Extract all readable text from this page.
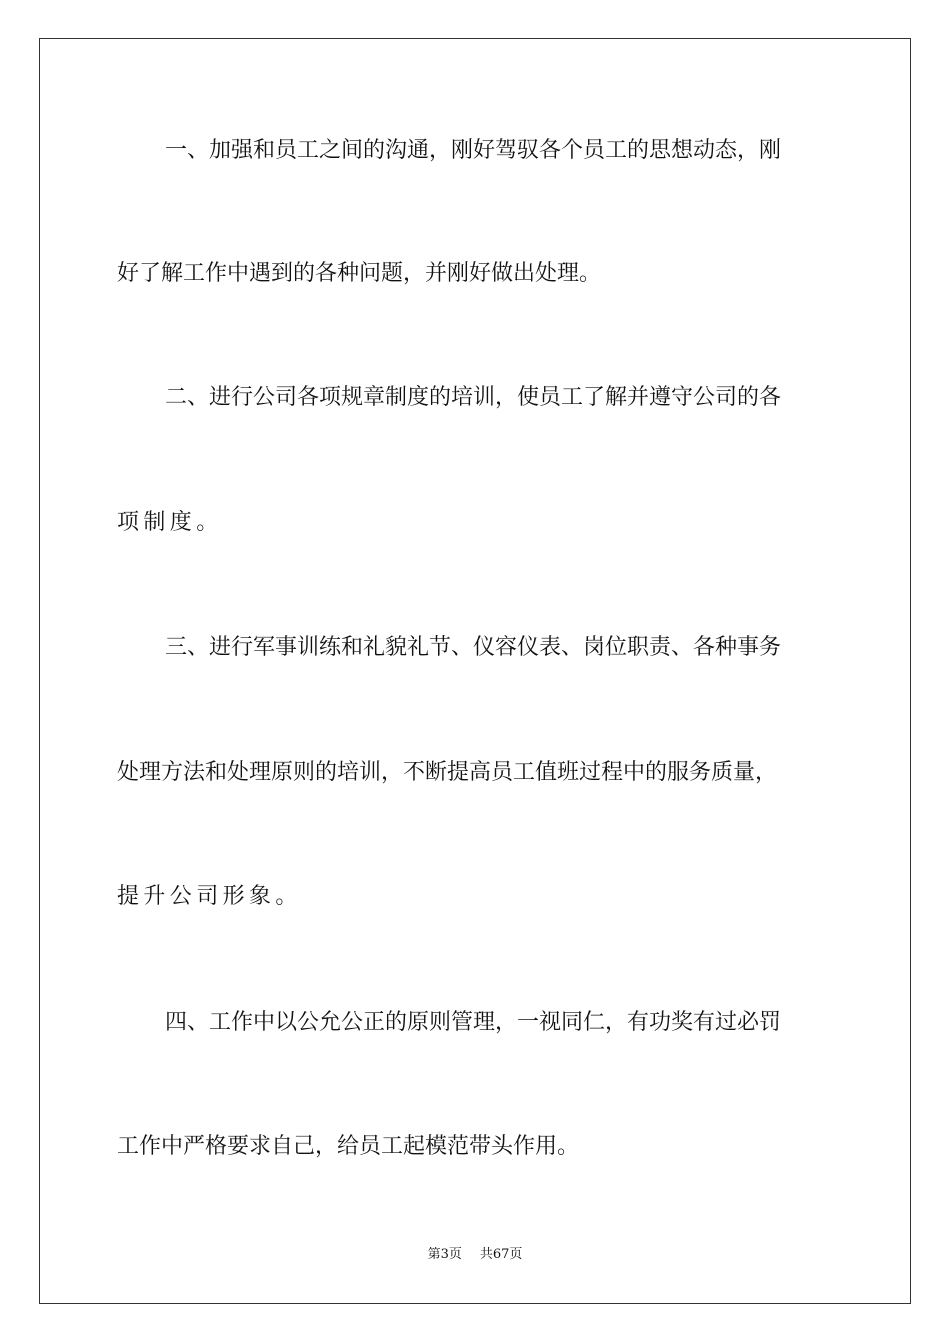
一、加强和员工之间的沟通，刚好驾驭各个员工的思想动态，刚
好了解工作中遇到的各种问题，并刚好做出处理。
二、进行公司各项规章制度的培训，使员工了解并遵守公司的各
项制度。
三、进行军事训练和礼貌礼节、仪容仪表、岗位职责、各种事务
处理方法和处理原则的培训，不断提高员工值班过程中的服务质量，
提升公司形象。
四、工作中以公允公正的原则管理，一视同仁，有功奖有过必罚
工作中严格要求自己，给员工起模范带头作用。
第3页 共67页
